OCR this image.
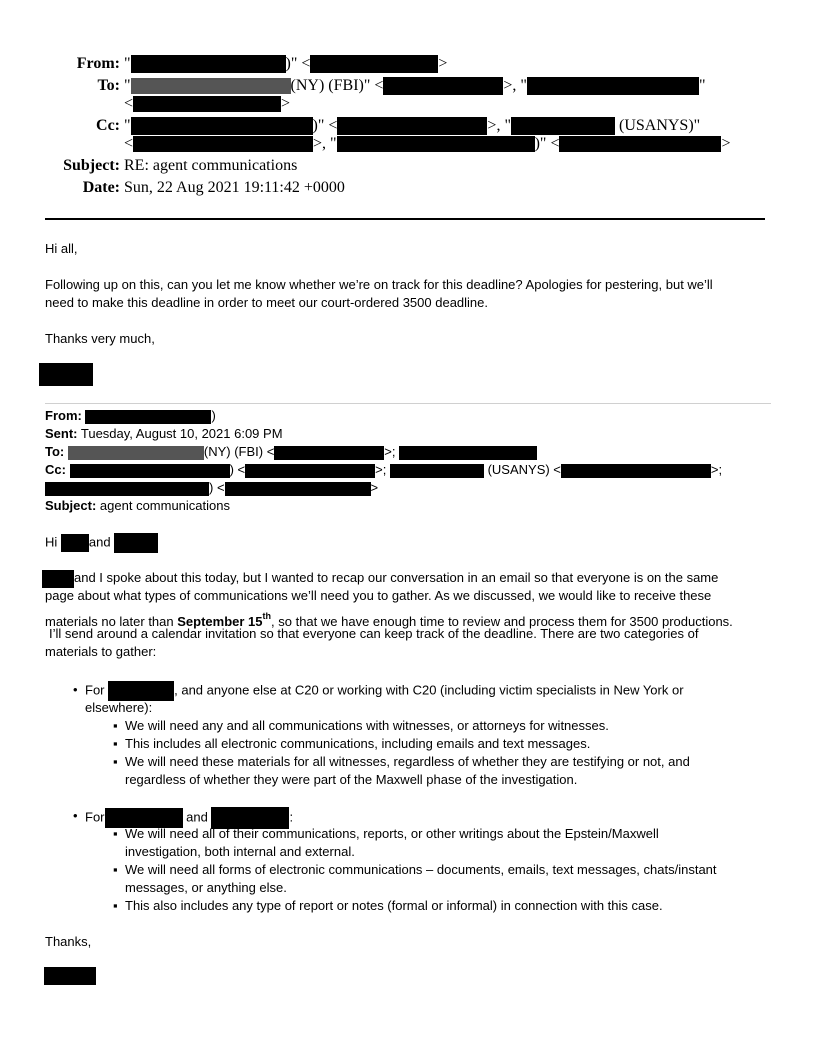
From: "	)" <	>
To: "	(NY) (FBI)" <	>, "	"
<	>
Cc: "	)" <	>, "	(USANYS)"
<	>, "	)" <	>
Subject: RE: agent communications
Date: Sun, 22 Aug 2021 19:11:42 +0000
Hi all,
Following up on this, can you let me know whether we’re on track for this deadline? Apologies for pestering, but we’ll
need to make this deadline in order to meet our court-ordered 3500 deadline.
Thanks very much,
From:	)
Sent: Tuesday, August 10, 2021 6:09 PM
To:	(NY) (FBI) <	>;
Cc:	) <	>;	(USANYS) <	>;
) <	>
Subject: agent communications
Hi and
and I spoke about this today, but I wanted to recap our conversation in an email so that everyone is on the same
page about what types of communications we’ll need you to gather. As we discussed, we would like to receive these
materials no later than September 15th, so that we have enough time to review and process them for 3500 productions.
I’ll send around a calendar invitation so that everyone can keep track of the deadline. There are two categories of
materials to gather:
• For	, and anyone else at C20 or working with C20 (including victim specialists in New York or
elsewhere):
▪ We will need any and all communications with witnesses, or attorneys for witnesses.
▪ This includes all electronic communications, including emails and text messages.
▪ We will need these materials for all witnesses, regardless of whether they are testifying or not, and
regardless of whether they were part of the Maxwell phase of the investigation.
• For	and	:
▪ We will need all of their communications, reports, or other writings about the Epstein/Maxwell
investigation, both internal and external.
▪ We will need all forms of electronic communications – documents, emails, text messages, chats/instant
messages, or anything else.
▪ This also includes any type of report or notes (formal or informal) in connection with this case.
Thanks,
